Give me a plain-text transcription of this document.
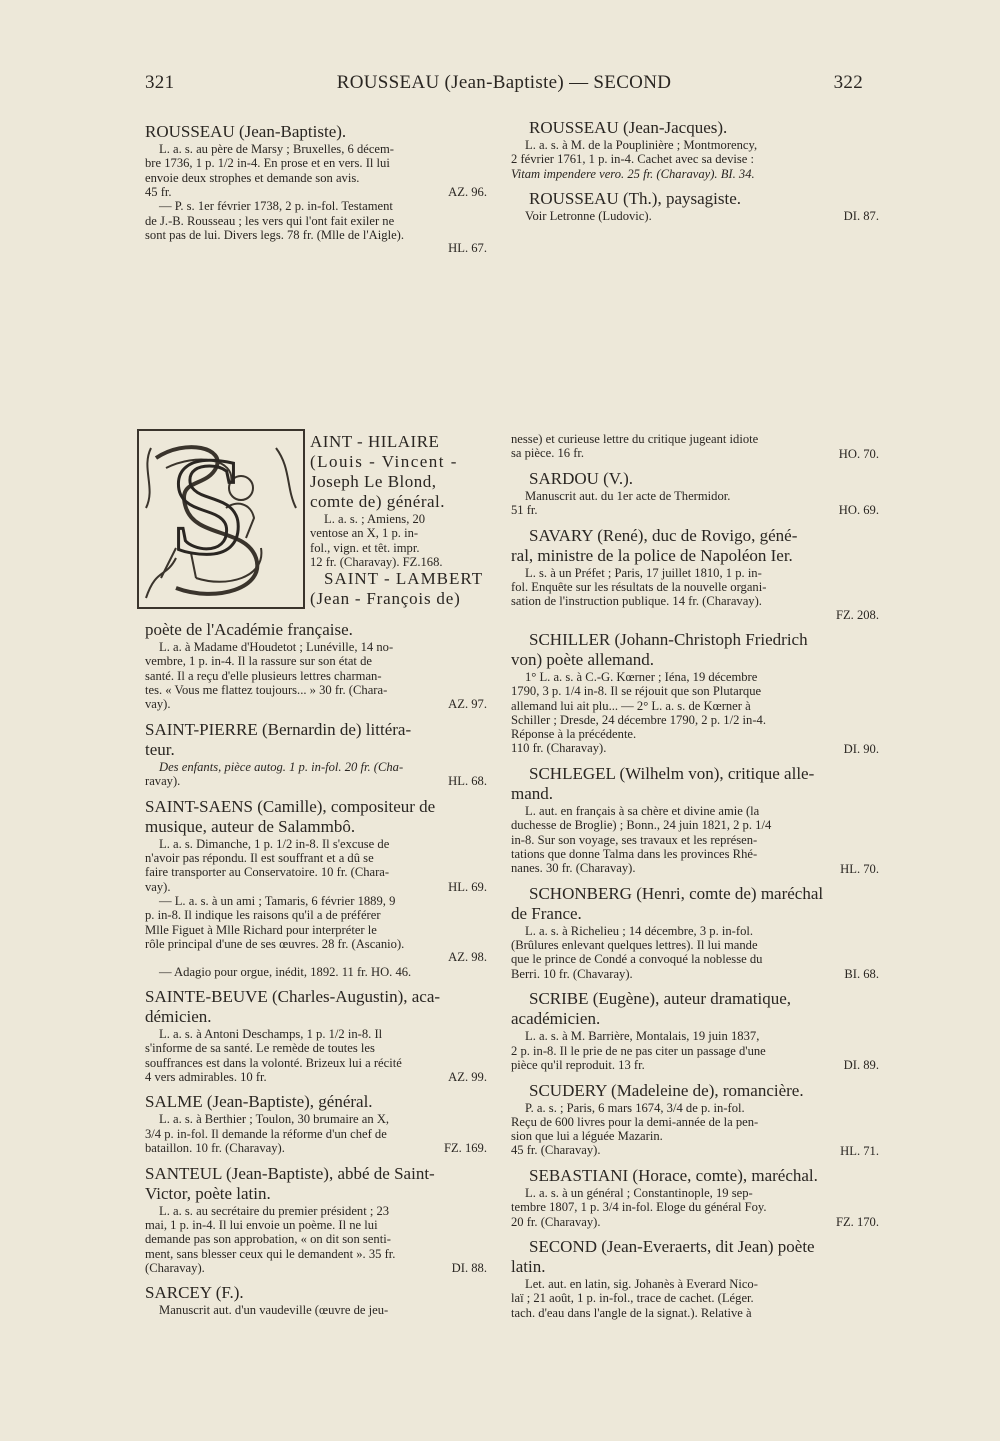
321	ROUSSEAU (Jean-Baptiste) — SECOND	322
ROUSSEAU (Jean-Baptiste).
L. a. s. au père de Marsy ; Bruxelles, 6 décem-
bre 1736, 1 p. 1/2 in-4. En prose et en vers. Il lui
envoie deux strophes et demande son avis.
45 fr.	AZ. 96.
— P. s. 1er février 1738, 2 p. in-fol. Testament
de J.-B. Rousseau ; les vers qui l'ont fait exiler ne
sont pas de lui. Divers legs. 78 fr. (Mlle de l'Aigle).
HL. 67.
ROUSSEAU (Jean-Jacques).
L. a. s. à M. de la Pouplinière ; Montmorency,
2 février 1761, 1 p. in-4. Cachet avec sa devise :
Vitam impendere vero. 25 fr. (Charavay). BI. 34.
ROUSSEAU (Th.), paysagiste.
Voir Letronne (Ludovic).	DI. 87.
S	AINT - HILAIRE
(Louis - Vincent -
Joseph Le Blond,
comte de) général.
L. a. s. ; Amiens, 20
ventose an X, 1 p. in-
fol., vign. et têt. impr.
12 fr. (Charavay). FZ.168.
SAINT - LAMBERT
(Jean - François de)
poète de l'Académie française.
L. a. à Madame d'Houdetot ; Lunéville, 14 no-
vembre, 1 p. in-4. Il la rassure sur son état de
santé. Il a reçu d'elle plusieurs lettres charman-
tes. « Vous me flattez toujours... » 30 fr. (Chara-
vay).	AZ. 97.
SAINT-PIERRE (Bernardin de) littéra-
teur.
Des enfants, pièce autog. 1 p. in-fol. 20 fr. (Cha-
ravay).	HL. 68.
SAINT-SAENS (Camille), compositeur de
musique, auteur de Salammbô.
L. a. s. Dimanche, 1 p. 1/2 in-8. Il s'excuse de
n'avoir pas répondu. Il est souffrant et a dû se
faire transporter au Conservatoire. 10 fr. (Chara-
vay).	HL. 69.
— L. a. s. à un ami ; Tamaris, 6 février 1889, 9
p. in-8. Il indique les raisons qu'il a de préférer
Mlle Figuet à Mlle Richard pour interpréter le
rôle principal d'une de ses œuvres. 28 fr. (Ascanio).
AZ. 98.
— Adagio pour orgue, inédit, 1892. 11 fr. HO. 46.
SAINTE-BEUVE (Charles-Augustin), aca-
démicien.
L. a. s. à Antoni Deschamps, 1 p. 1/2 in-8. Il
s'informe de sa santé. Le remède de toutes les
souffrances est dans la volonté. Brizeux lui a récité
4 vers admirables. 10 fr.	AZ. 99.
SALME (Jean-Baptiste), général.
L. a. s. à Berthier ; Toulon, 30 brumaire an X,
3/4 p. in-fol. Il demande la réforme d'un chef de
bataillon. 10 fr. (Charavay).	FZ. 169.
SANTEUL (Jean-Baptiste), abbé de Saint-
Victor, poète latin.
L. a. s. au secrétaire du premier président ; 23
mai, 1 p. in-4. Il lui envoie un poème. Il ne lui
demande pas son approbation, « on dit son senti-
ment, sans blesser ceux qui le demandent ». 35 fr.
(Charavay).	DI. 88.
SARCEY (F.).
Manuscrit aut. d'un vaudeville (œuvre de jeu-
nesse) et curieuse lettre du critique jugeant idiote
sa pièce. 16 fr.	HO. 70.
SARDOU (V.).
Manuscrit aut. du 1er acte de Thermidor.
51 fr.	HO. 69.
SAVARY (René), duc de Rovigo, géné-
ral, ministre de la police de Napoléon Ier.
L. s. à un Préfet ; Paris, 17 juillet 1810, 1 p. in-
fol. Enquête sur les résultats de la nouvelle organi-
sation de l'instruction publique. 14 fr. (Charavay).
FZ. 208.
SCHILLER (Johann-Christoph Friedrich
von) poète allemand.
1° L. a. s. à C.-G. Kœrner ; Iéna, 19 décembre
1790, 3 p. 1/4 in-8. Il se réjouit que son Plutarque
allemand lui ait plu... — 2° L. a. s. de Kœrner à
Schiller ; Dresde, 24 décembre 1790, 2 p. 1/2 in-4.
Réponse à la précédente.
110 fr. (Charavay).	DI. 90.
SCHLEGEL (Wilhelm von), critique alle-
mand.
L. aut. en français à sa chère et divine amie (la
duchesse de Broglie) ; Bonn., 24 juin 1821, 2 p. 1/4
in-8. Sur son voyage, ses travaux et les représen-
tations que donne Talma dans les provinces Rhé-
nanes. 30 fr. (Charavay).	HL. 70.
SCHONBERG (Henri, comte de) maréchal
de France.
L. a. s. à Richelieu ; 14 décembre, 3 p. in-fol.
(Brûlures enlevant quelques lettres). Il lui mande
que le prince de Condé a convoqué la noblesse du
Berri. 10 fr. (Chavaray).	BI. 68.
SCRIBE (Eugène), auteur dramatique,
académicien.
L. a. s. à M. Barrière, Montalais, 19 juin 1837,
2 p. in-8. Il le prie de ne pas citer un passage d'une
pièce qu'il reproduit. 13 fr.	DI. 89.
SCUDERY (Madeleine de), romancière.
P. a. s. ; Paris, 6 mars 1674, 3/4 de p. in-fol.
Reçu de 600 livres pour la demi-année de la pen-
sion que lui a léguée Mazarin.
45 fr. (Charavay).	HL. 71.
SEBASTIANI (Horace, comte), maréchal.
L. a. s. à un général ; Constantinople, 19 sep-
tembre 1807, 1 p. 3/4 in-fol. Eloge du général Foy.
20 fr. (Charavay).	FZ. 170.
SECOND (Jean-Everaerts, dit Jean) poète
latin.
Let. aut. en latin, sig. Johanès à Everard Nico-
laï ; 21 août, 1 p. in-fol., trace de cachet. (Léger.
tach. d'eau dans l'angle de la signat.). Relative à
